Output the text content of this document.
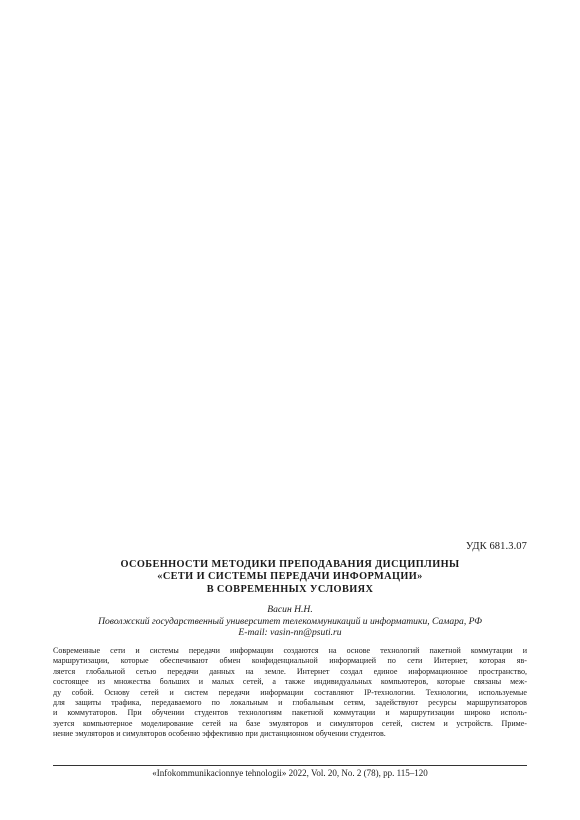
УДК 681.3.07
ОСОБЕННОСТИ МЕТОДИКИ ПРЕПОДАВАНИЯ ДИСЦИПЛИНЫ
«СЕТИ И СИСТЕМЫ ПЕРЕДАЧИ ИНФОРМАЦИИ»
В СОВРЕМЕННЫХ УСЛОВИЯХ
Васин Н.Н.
Поволжский государственный университет телекоммуникаций и информатики, Самара, РФ
E-mail: vasin-nn@psuti.ru
Современные сети и системы передачи информации создаются на основе технологий пакетной коммутации и
маршрутизации, которые обеспечивают обмен конфиденциальной информацией по сети Интернет, которая яв-
ляется глобальной сетью передачи данных на земле. Интернет создал единое информационное пространство,
состоящее из множества больших и малых сетей, а также индивидуальных компьютеров, которые связаны меж-
ду собой. Основу сетей и систем передачи информации составляют IP-технологии. Технологии, используемые
для защиты трафика, передаваемого по локальным и глобальным сетям, задействуют ресурсы маршрутизаторов
и коммутаторов. При обучении студентов технологиям пакетной коммутации и маршрутизации широко исполь-
зуется компьютерное моделирование сетей на базе эмуляторов и симуляторов сетей, систем и устройств. Приме-
нение эмуляторов и симуляторов особенно эффективно при дистанционном обучении студентов.
«Infokommunikacionnye tehnologii» 2022, Vol. 20, No. 2 (78), pp. 115–120
